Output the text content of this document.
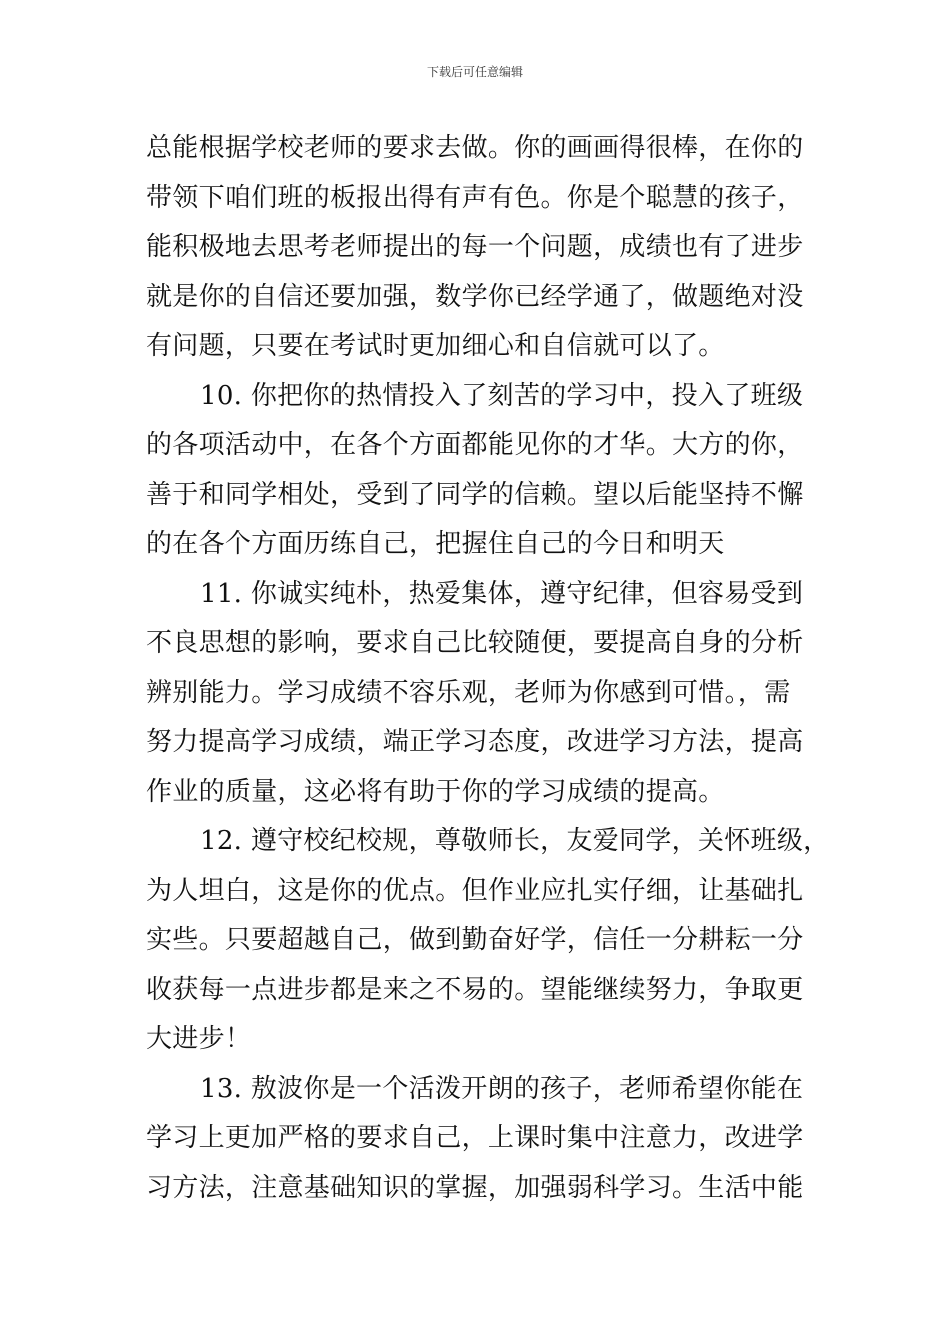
下载后可任意编辑
总能根据学校老师的要求去做。你的画画得很棒，在你的
带领下咱们班的板报出得有声有色。你是个聪慧的孩子，
能积极地去思考老师提出的每一个问题，成绩也有了进步
就是你的自信还要加强，数学你已经学通了，做题绝对没
有问题，只要在考试时更加细心和自信就可以了。
10. 你把你的热情投入了刻苦的学习中，投入了班级
的各项活动中，在各个方面都能见你的才华。大方的你，
善于和同学相处，受到了同学的信赖。望以后能坚持不懈
的在各个方面历练自己，把握住自己的今日和明天
11. 你诚实纯朴，热爱集体，遵守纪律，但容易受到
不良思想的影响，要求自己比较随便，要提高自身的分析
辨别能力。学习成绩不容乐观，老师为你感到可惜。，需
努力提高学习成绩，端正学习态度，改进学习方法，提高
作业的质量，这必将有助于你的学习成绩的提高。
12. 遵守校纪校规，尊敬师长，友爱同学，关怀班级，
为人坦白，这是你的优点。但作业应扎实仔细，让基础扎
实些。只要超越自己，做到勤奋好学，信任一分耕耘一分
收获每一点进步都是来之不易的。望能继续努力，争取更
大进步！
13. 敖波你是一个活泼开朗的孩子，老师希望你能在
学习上更加严格的要求自己，上课时集中注意力，改进学
习方法，注意基础知识的掌握，加强弱科学习。生活中能
